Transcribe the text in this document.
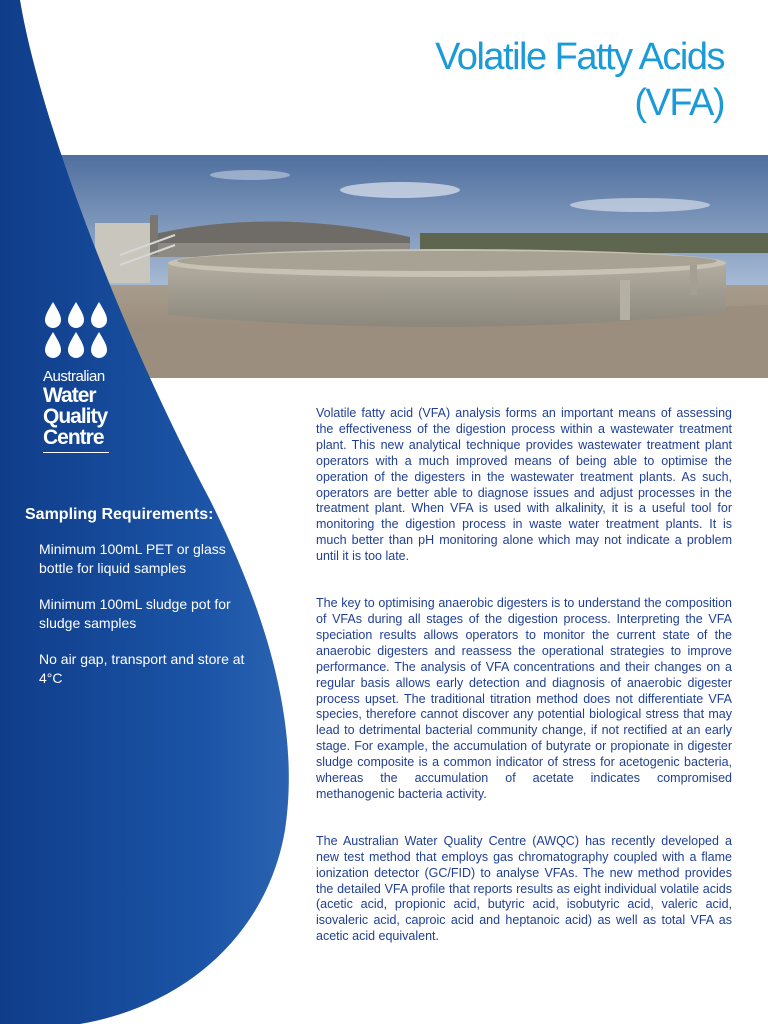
Australian
Water
Quality
Centre
Sampling Requirements:
Minimum 100mL PET or glass bottle for liquid samples
Minimum 100mL sludge pot for sludge samples
No air gap, transport and store at 4°C
Volatile Fatty Acids
(VFA)

Volatile fatty acid (VFA) analysis forms an important means of assessing the effectiveness of the digestion process within a wastewater treatment plant. This new analytical technique provides wastewater treatment plant operators with a much improved means of being able to optimise the operation of the digesters in the wastewater treatment plants. As such, operators are better able to diagnose issues and adjust processes in the treatment plant. When VFA is used with alkalinity, it is a useful tool for monitoring the digestion process in waste water treatment plants. It is much better than pH monitoring alone which may not indicate a problem until it is too late.

The key to optimising anaerobic digesters is to understand the composition of VFAs during all stages of the digestion process. Interpreting the VFA speciation results allows operators to monitor the current state of the anaerobic digesters and reassess the operational strategies to improve performance. The analysis of VFA concentrations and their changes on a regular basis allows early detection and diagnosis of anaerobic digester process upset. The traditional titration method does not differentiate VFA species, therefore cannot discover any potential biological stress that may lead to detrimental bacterial community change, if not rectified at an early stage. For example, the accumulation of butyrate or propionate in digester sludge composite is a common indicator of stress for acetogenic bacteria, whereas the accumulation of acetate indicates compromised methanogenic bacteria activity.

The Australian Water Quality Centre (AWQC) has recently developed a new test method that employs gas chromatography coupled with a flame ionization detector (GC/FID) to analyse VFAs. The new method provides the detailed VFA profile that reports results as eight individual volatile acids (acetic acid, propionic acid, butyric acid, isobutyric acid, valeric acid, isovaleric acid, caproic acid and heptanoic acid) as well as total VFA as acetic acid equivalent.
